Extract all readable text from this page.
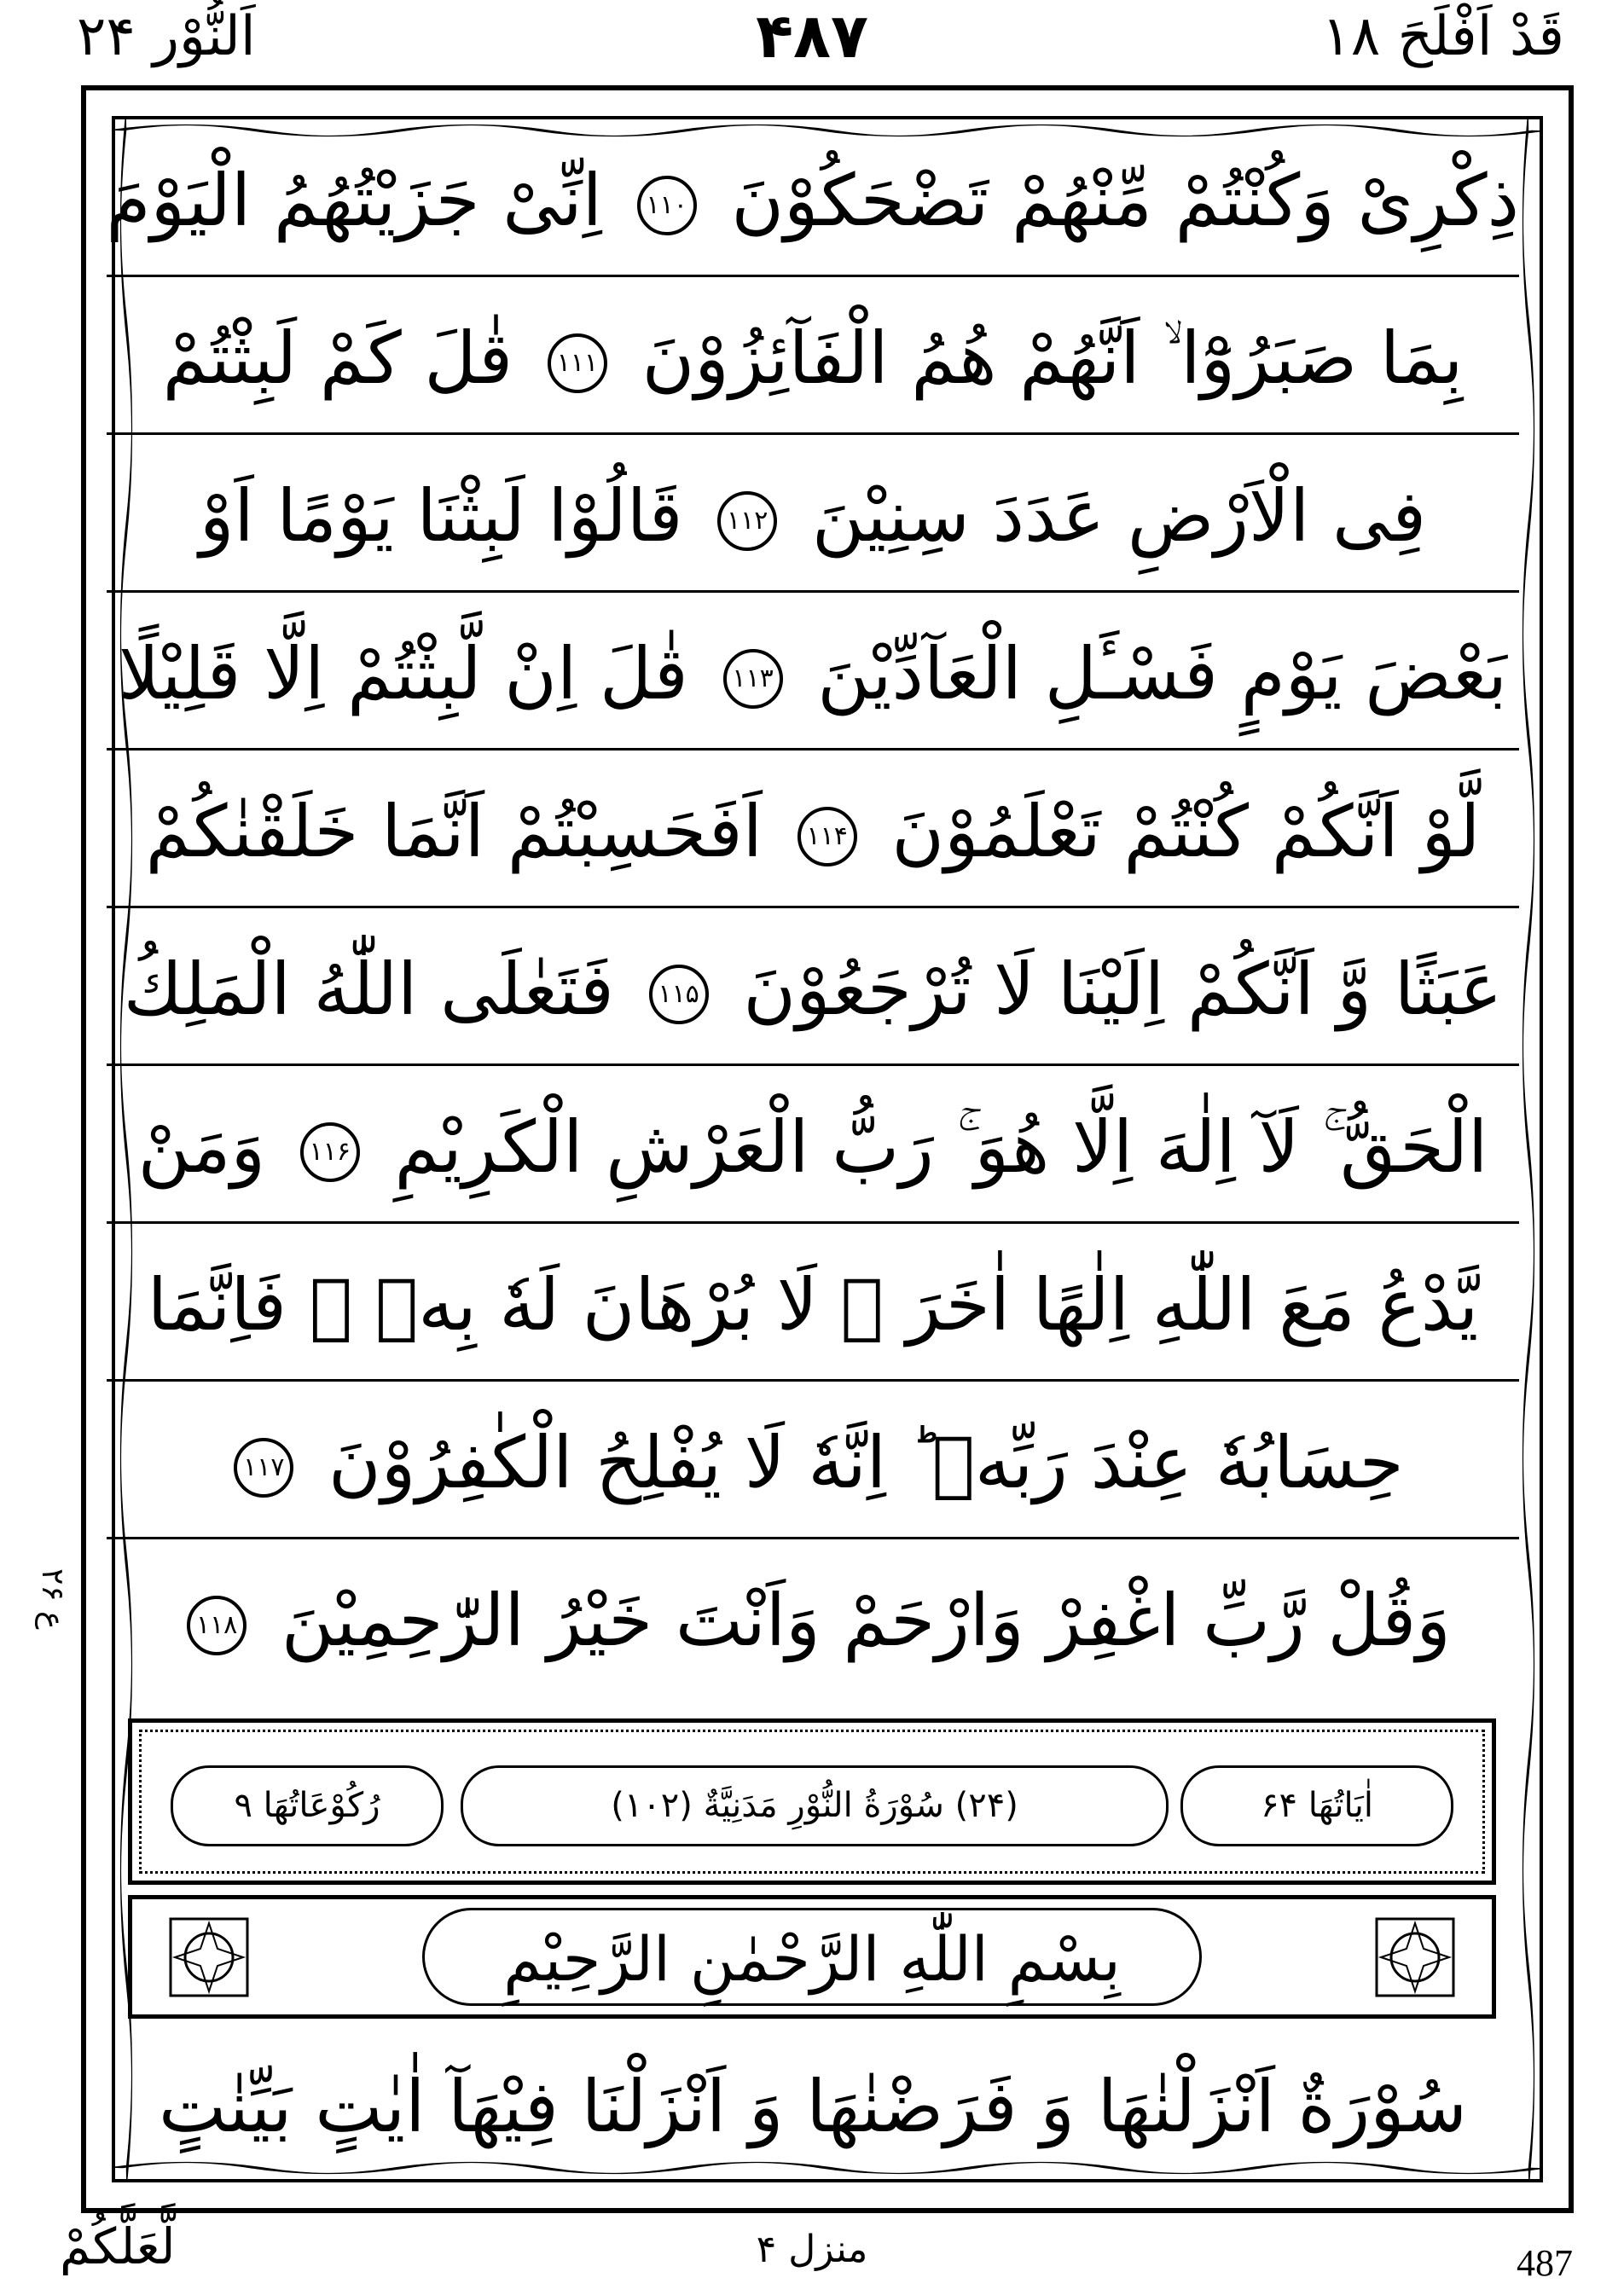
قَدْ اَفْلَحَ ۱۸
۴۸۷
اَلنُّوْر ۲۴
ذِكْرِىْ وَكُنْتُمْ مِّنْهُمْ تَضْحَكُوْنَ ۱۱۰ اِنِّىْ جَزَيْتُهُمُ الْيَوْمَ
بِمَا صَبَرُوْٓا ۙ اَنَّهُمْ هُمُ الْفَآئِزُوْنَ ۱۱۱ قٰلَ كَمْ لَبِثْتُمْ
فِى الْاَرْضِ عَدَدَ سِنِيْنَ ۱۱۲ قَالُوْا لَبِثْنَا يَوْمًا اَوْ
بَعْضَ يَوْمٍ فَسْـَٔلِ الْعَآدِّيْنَ ۱۱۳ قٰلَ اِنْ لَّبِثْتُمْ اِلَّا قَلِيْلًا
لَّوْ اَنَّكُمْ كُنْتُمْ تَعْلَمُوْنَ ۱۱۴ اَفَحَسِبْتُمْ اَنَّمَا خَلَقْنٰكُمْ
عَبَثًا وَّ اَنَّكُمْ اِلَيْنَا لَا تُرْجَعُوْنَ ۱۱۵ فَتَعٰلَى اللّٰهُ الْمَلِكُ
الْحَقُّ ۚ لَآ اِلٰهَ اِلَّا هُوَ ۚ رَبُّ الْعَرْشِ الْكَرِيْمِ ۱۱۶ وَمَنْ
يَّدْعُ مَعَ اللّٰهِ اِلٰهًا اٰخَرَ ۙ لَا بُرْهَانَ لَهٗ بِهٖ ۙ فَاِنَّمَا
حِسَابُهٗ عِنْدَ رَبِّهٖ ؕ اِنَّهٗ لَا يُفْلِحُ الْكٰفِرُوْنَ ۱۱۷
وَقُلْ رَّبِّ اغْفِرْ وَارْحَمْ وَاَنْتَ خَيْرُ الرّٰحِمِيْنَ ۱۱۸
ع ۲۶
اٰيَاتُهَا ۶۴
(۲۴) سُوْرَةُ النُّوْرِ مَدَنِيَّةٌ (۱۰۲)
رُكُوْعَاتُهَا ۹
بِسْمِ اللّٰهِ الرَّحْمٰنِ الرَّحِيْمِ
سُوْرَةٌ اَنْزَلْنٰهَا وَ فَرَضْنٰهَا وَ اَنْزَلْنَا فِيْهَآ اٰيٰتٍ بَيِّنٰتٍ
لَّعَلَّكُمْ	منزل ۴	487
